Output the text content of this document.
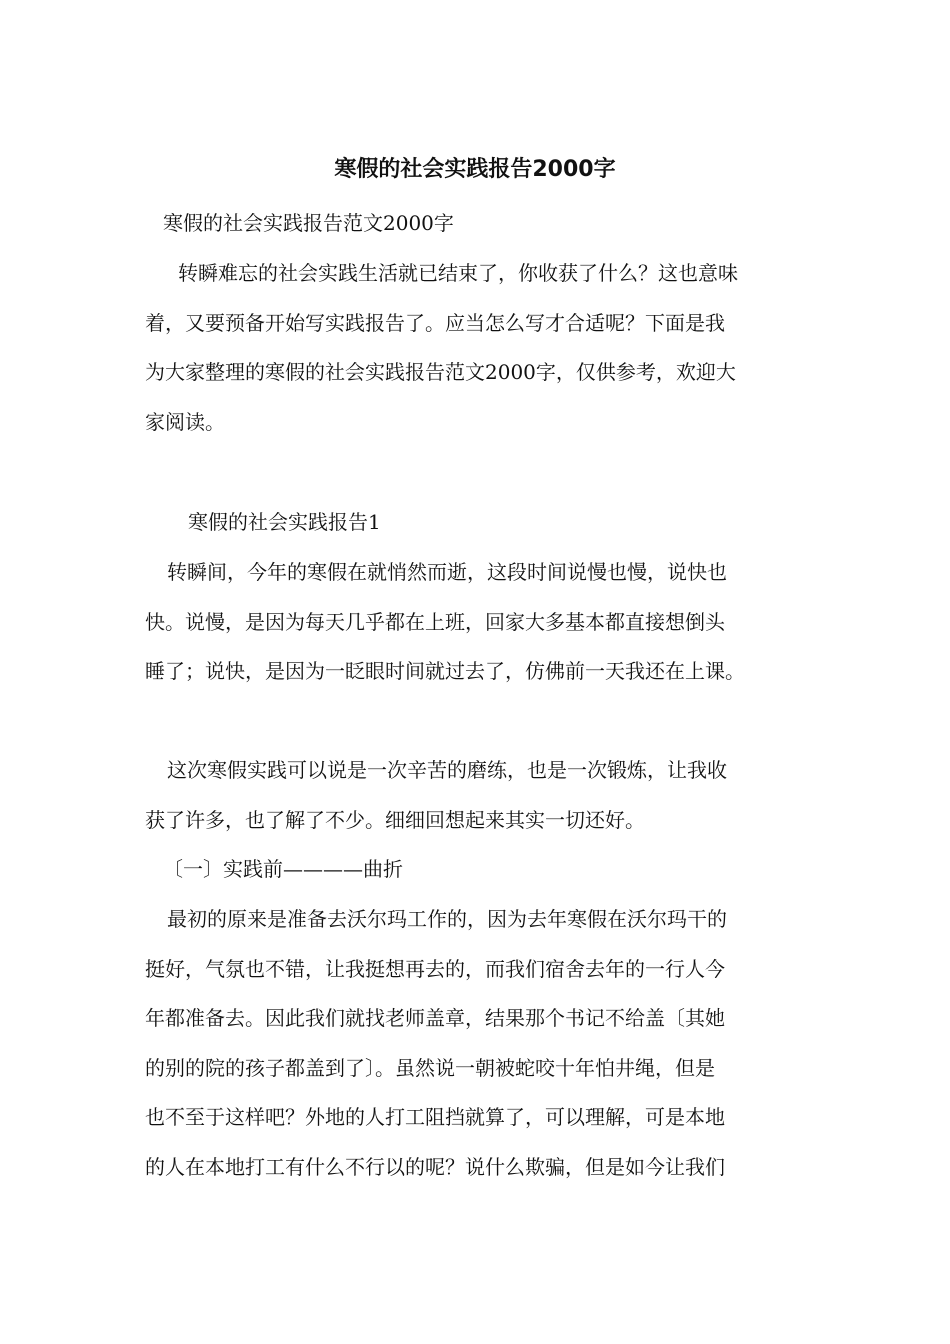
寒假的社会实践报告2000字

寒假的社会实践报告范文2000字

转瞬难忘的社会实践生活就已结束了，你收获了什么？这也意味
着，又要预备开始写实践报告了。应当怎么写才合适呢？下面是我
为大家整理的寒假的社会实践报告范文2000字，仅供参考，欢迎大
家阅读。

寒假的社会实践报告1

转瞬间，今年的寒假在就悄然而逝，这段时间说慢也慢，说快也
快。说慢，是因为每天几乎都在上班，回家大多基本都直接想倒头
睡了；说快，是因为一眨眼时间就过去了，仿佛前一天我还在上课。

这次寒假实践可以说是一次辛苦的磨练，也是一次锻炼，让我收
获了许多，也了解了不少。细细回想起来其实一切还好。

〔一〕实践前————曲折

最初的原来是准备去沃尔玛工作的，因为去年寒假在沃尔玛干的
挺好，气氛也不错，让我挺想再去的，而我们宿舍去年的一行人今
年都准备去。因此我们就找老师盖章，结果那个书记不给盖〔其她
的别的院的孩子都盖到了〕。虽然说一朝被蛇咬十年怕井绳，但是
也不至于这样吧？外地的人打工阻挡就算了，可以理解，可是本地
的人在本地打工有什么不行以的呢？说什么欺骗，但是如今让我们
